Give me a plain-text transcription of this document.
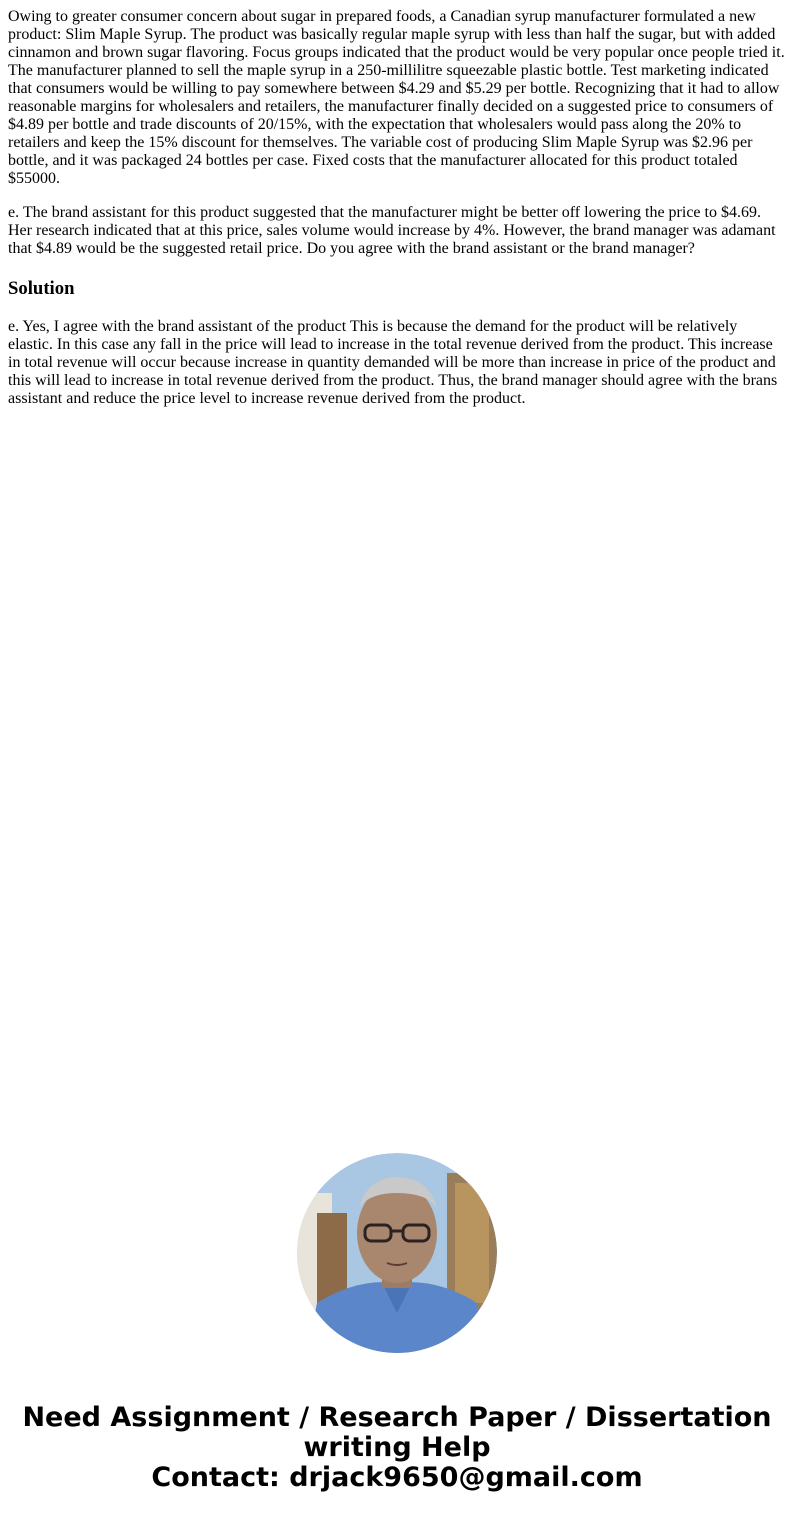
Owing to greater consumer concern about sugar in prepared foods, a Canadian syrup manufacturer formulated a new product: Slim Maple Syrup. The product was basically regular maple syrup with less than half the sugar, but with added cinnamon and brown sugar flavoring. Focus groups indicated that the product would be very popular once people tried it. The manufacturer planned to sell the maple syrup in a 250-millilitre squeezable plastic bottle. Test marketing indicated that consumers would be willing to pay somewhere between $4.29 and $5.29 per bottle. Recognizing that it had to allow reasonable margins for wholesalers and retailers, the manufacturer finally decided on a suggested price to consumers of $4.89 per bottle and trade discounts of 20/15%, with the expectation that wholesalers would pass along the 20% to retailers and keep the 15% discount for themselves. The variable cost of producing Slim Maple Syrup was $2.96 per bottle, and it was packaged 24 bottles per case. Fixed costs that the manufacturer allocated for this product totaled $55000.

e. The brand assistant for this product suggested that the manufacturer might be better off lowering the price to $4.69. Her research indicated that at this price, sales volume would increase by 4%. However, the brand manager was adamant that $4.89 would be the suggested retail price. Do you agree with the brand assistant or the brand manager?

Solution

e. Yes, I agree with the brand assistant of the product This is because the demand for the product will be relatively elastic. In this case any fall in the price will lead to increase in the total revenue derived from the product. This increase in total revenue will occur because increase in quantity demanded will be more than increase in price of the product and this will lead to increase in total revenue derived from the product. Thus, the brand manager should agree with the brans assistant and reduce the price level to increase revenue derived from the product.

Need Assignment / Research Paper / Dissertation
writing Help
Contact: drjack9650@gmail.com
